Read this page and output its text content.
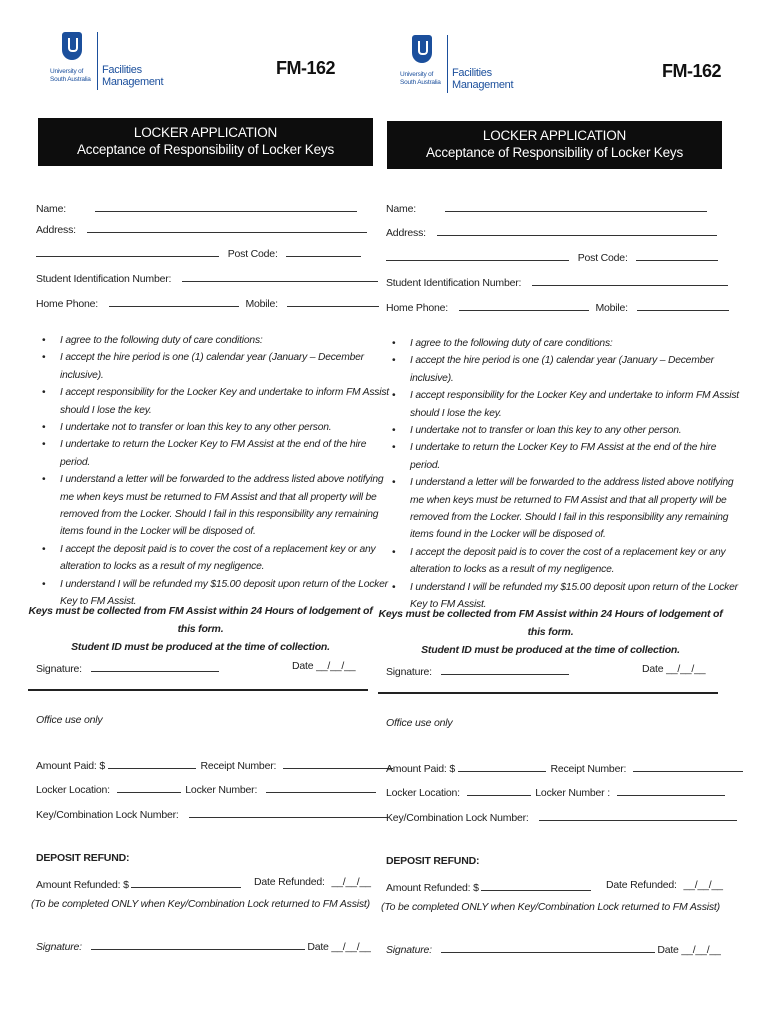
University of
South Australia
Facilities
Management
FM-162
LOCKER APPLICATION
Acceptance of Responsibility of Locker Keys
Name:
Address:
Post Code:
Student Identification Number:
Home Phone:	Mobile:
• I agree to the following duty of care conditions:
• I accept the hire period is one (1) calendar year (January – December inclusive).
• I accept responsibility for the Locker Key and undertake to inform FM Assist should I lose the key.
• I undertake not to transfer or loan this key to any other person.
• I undertake to return the Locker Key to FM Assist at the end of the hire period.
• I understand a letter will be forwarded to the address listed above notifying me when keys must be returned to FM Assist and that all property will be removed from the Locker. Should I fail in this responsibility any remaining items found in the Locker will be disposed of.
• I accept the deposit paid is to cover the cost of a replacement key or any alteration to locks as a result of my negligence.
• I understand I will be refunded my $15.00 deposit upon return of the Locker Key to FM Assist.
Keys must be collected from FM Assist within 24 Hours of lodgement of this form.
Student ID must be produced at the time of collection.
Signature:	Date __/__/__
Office use only
Amount Paid: $	Receipt Number:
Locker Location:	Locker Number:
Key/Combination Lock Number:
DEPOSIT REFUND:
Amount Refunded: $	Date Refunded: __/__/__
(To be completed ONLY when Key/Combination Lock returned to FM Assist)
Signature:	Date __/__/__
University of
South Australia
Facilities
Management
FM-162
LOCKER APPLICATION
Acceptance of Responsibility of Locker Keys
Name:
Address:
Post Code:
Student Identification Number:
Home Phone:	Mobile:
• I agree to the following duty of care conditions:
• I accept the hire period is one (1) calendar year (January – December inclusive).
• I accept responsibility for the Locker Key and undertake to inform FM Assist should I lose the key.
• I undertake not to transfer or loan this key to any other person.
• I undertake to return the Locker Key to FM Assist at the end of the hire period.
• I understand a letter will be forwarded to the address listed above notifying me when keys must be returned to FM Assist and that all property will be removed from the Locker. Should I fail in this responsibility any remaining items found in the Locker will be disposed of.
• I accept the deposit paid is to cover the cost of a replacement key or any alteration to locks as a result of my negligence.
• I understand I will be refunded my $15.00 deposit upon return of the Locker Key to FM Assist.
Keys must be collected from FM Assist within 24 Hours of lodgement of this form.
Student ID must be produced at the time of collection.
Signature:	Date __/__/__
Office use only
Amount Paid: $	Receipt Number:
Locker Location:	Locker Number :
Key/Combination Lock Number:
DEPOSIT REFUND:
Amount Refunded: $	Date Refunded: __/__/__
(To be completed ONLY when Key/Combination Lock returned to FM Assist)
Signature:	Date __/__/__
